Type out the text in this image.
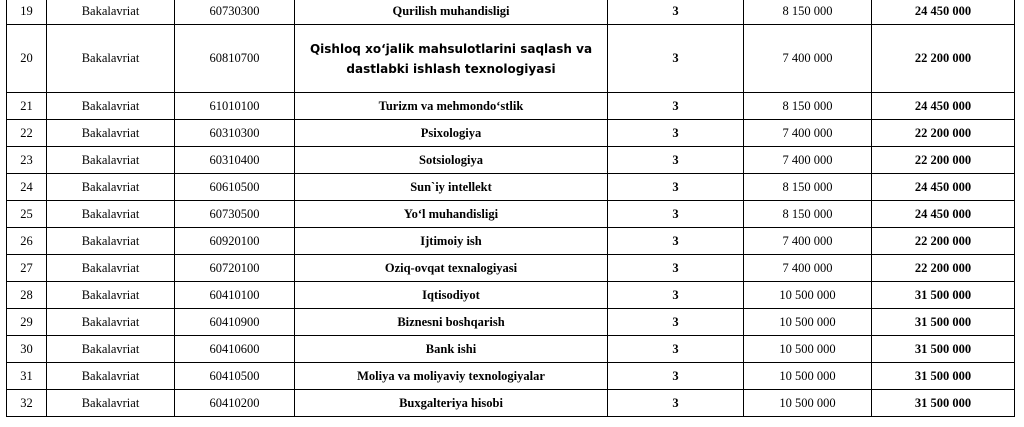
19	Bakalavriat	60730300	Qurilish muhandisligi	3	8 150 000	24 450 000
20	Bakalavriat	60810700	Qishloq xo‘jalik mahsulotlarini saqlash va dastlabki ishlash texnologiyasi	3	7 400 000	22 200 000
21	Bakalavriat	61010100	Turizm va mehmondo‘stlik	3	8 150 000	24 450 000
22	Bakalavriat	60310300	Psixologiya	3	7 400 000	22 200 000
23	Bakalavriat	60310400	Sotsiologiya	3	7 400 000	22 200 000
24	Bakalavriat	60610500	Sun`iy intellekt	3	8 150 000	24 450 000
25	Bakalavriat	60730500	Yo‘l muhandisligi	3	8 150 000	24 450 000
26	Bakalavriat	60920100	Ijtimoiy ish	3	7 400 000	22 200 000
27	Bakalavriat	60720100	Oziq-ovqat texnalogiyasi	3	7 400 000	22 200 000
28	Bakalavriat	60410100	Iqtisodiyot	3	10 500 000	31 500 000
29	Bakalavriat	60410900	Biznesni boshqarish	3	10 500 000	31 500 000
30	Bakalavriat	60410600	Bank ishi	3	10 500 000	31 500 000
31	Bakalavriat	60410500	Moliya va moliyaviy texnologiyalar	3	10 500 000	31 500 000
32	Bakalavriat	60410200	Buxgalteriya hisobi	3	10 500 000	31 500 000
